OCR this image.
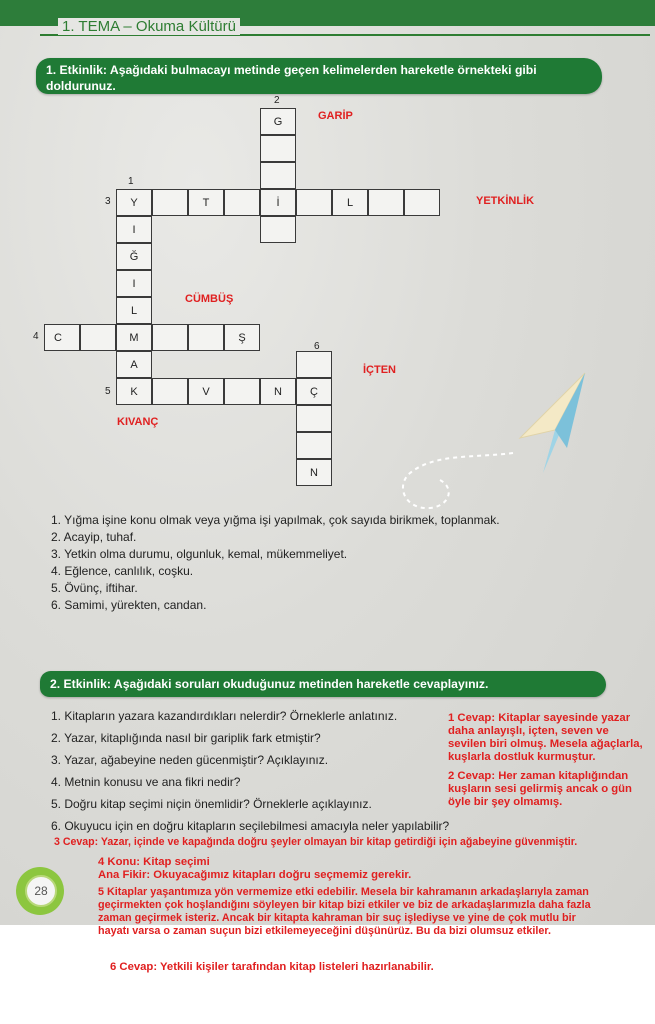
1. TEMA – Okuma Kültürü
1. Etkinlik: Aşağıdaki bulmacayı metinde geçen kelimelerden hareketle örnekteki gibi doldurunuz.
G
Y	T	İ	L
I
Ğ
I
L
C	M	Ş
A
K	V	N	Ç
N
2
1
3
4
6
5
GARİP
YETKİNLİK
CÜMBÜŞ
İÇTEN
KIVANÇ
1. Yığma işine konu olmak veya yığma işi yapılmak, çok sayıda birikmek, toplanmak.
2. Acayip, tuhaf.
3. Yetkin olma durumu, olgunluk, kemal, mükemmeliyet.
4. Eğlence, canlılık, coşku.
5. Övünç, iftihar.
6. Samimi, yürekten, candan.
2. Etkinlik: Aşağıdaki soruları okuduğunuz metinden hareketle cevaplayınız.
1. Kitapların yazara kazandırdıkları nelerdir? Örneklerle anlatınız.
2. Yazar, kitaplığında nasıl bir gariplik fark etmiştir?
3. Yazar, ağabeyine neden gücenmiştir? Açıklayınız.
4. Metnin konusu ve ana fikri nedir?
5. Doğru kitap seçimi niçin önemlidir? Örneklerle açıklayınız.
6. Okuyucu için en doğru kitapların seçilebilmesi amacıyla neler yapılabilir?
1 Cevap: Kitaplar sayesinde yazar
daha anlayışlı, içten, seven ve
sevilen biri olmuş. Mesela ağaçlarla,
kuşlarla dostluk kurmuştur.
2 Cevap: Her zaman kitaplığından
kuşların sesi gelirmiş ancak o gün
öyle bir şey olmamış.
3 Cevap: Yazar, içinde ve kapağında doğru şeyler olmayan bir kitap getirdiği için ağabeyine güvenmiştir.
4 Konu: Kitap seçimi
Ana Fikir: Okuyacağımız kitapları doğru seçmemiz gerekir.
5 Kitaplar yaşantımıza yön vermemize etki edebilir. Mesela bir kahramanın arkadaşlarıyla zaman
geçirmekten çok hoşlandığını söyleyen bir kitap bizi etkiler ve biz de arkadaşlarımızla daha fazla
zaman geçirmek isteriz. Ancak bir kitapta kahraman bir suç işlediyse ve yine de çok mutlu bir
hayatı varsa o zaman suçun bizi etkilemeyeceğini düşünürüz. Bu da bizi olumsuz etkiler.
28
6 Cevap: Yetkili kişiler tarafından kitap listeleri hazırlanabilir.
